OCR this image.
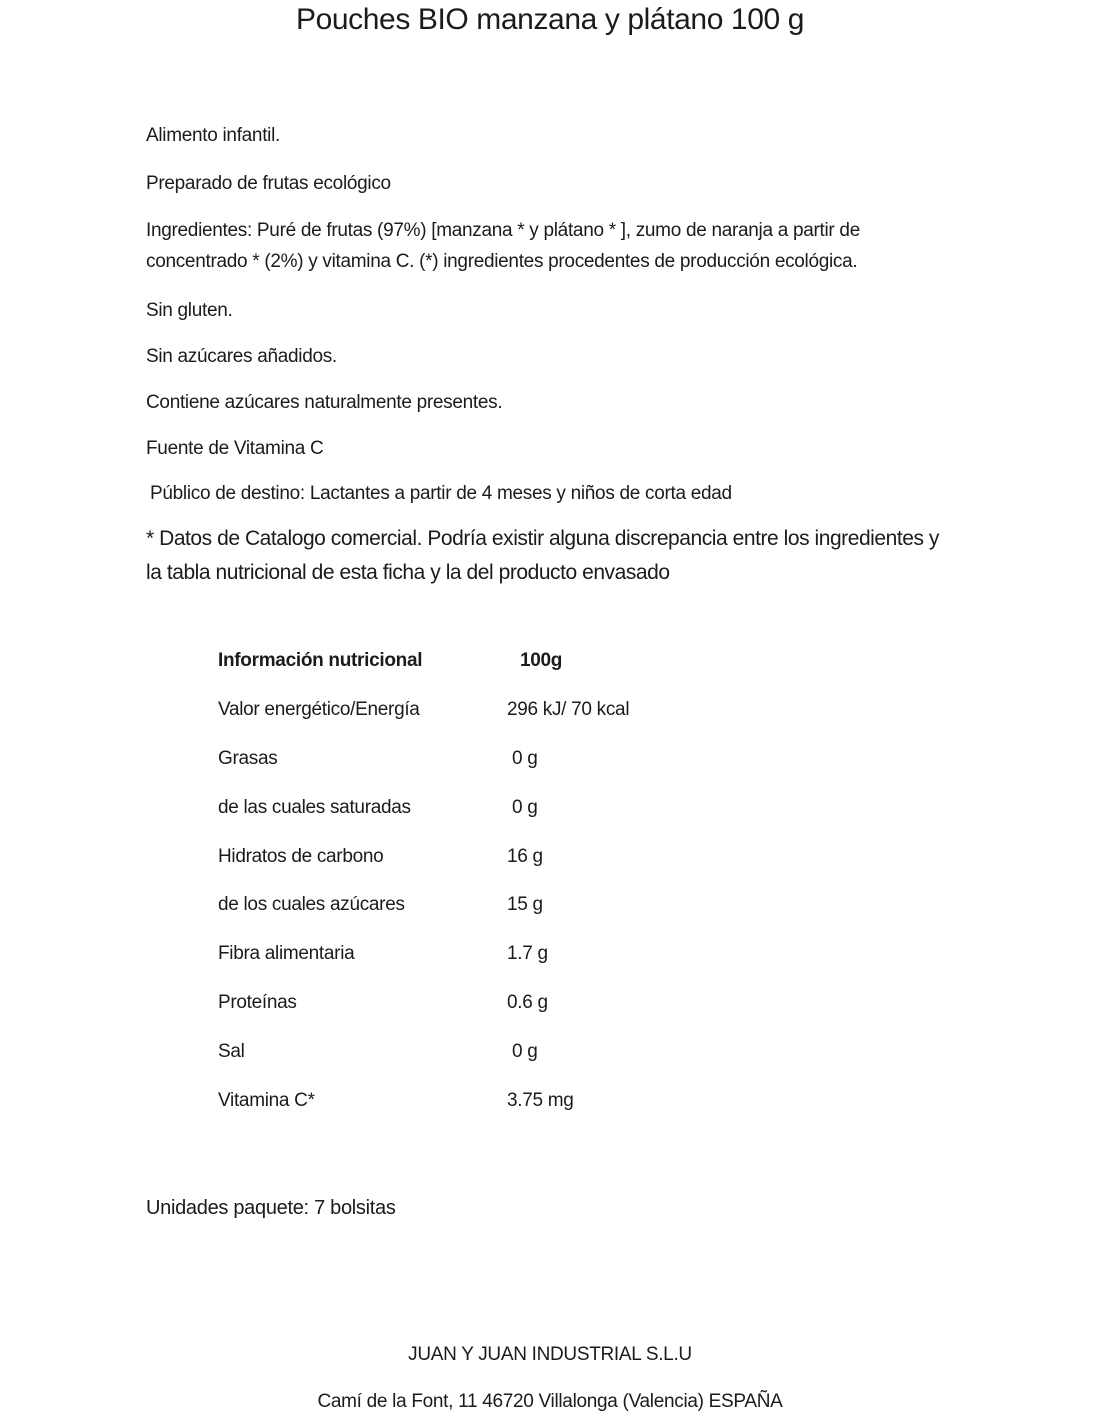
Pouches BIO manzana y plátano 100 g

Alimento infantil.

Preparado de frutas ecológico

Ingredientes: Puré de frutas (97%) [manzana * y plátano * ], zumo de naranja a partir de concentrado * (2%) y vitamina C. (*) ingredientes procedentes de producción ecológica.

Sin gluten.

Sin azúcares añadidos.

Contiene azúcares naturalmente presentes.

Fuente de Vitamina C

Público de destino: Lactantes a partir de 4 meses y niños de corta edad

* Datos de Catalogo comercial. Podría existir alguna discrepancia entre los ingredientes y la tabla nutricional de esta ficha y la del producto envasado

Información nutricional	100g
Valor energético/Energía	296 kJ/ 70 kcal
Grasas	0 g
de las cuales saturadas	0 g
Hidratos de carbono	16 g
de los cuales azúcares	15 g
Fibra alimentaria	1.7 g
Proteínas	0.6 g
Sal	0 g
Vitamina C*	3.75 mg

Unidades paquete: 7 bolsitas

JUAN Y JUAN INDUSTRIAL S.L.U

Camí de la Font, 11 46720 Villalonga (Valencia) ESPAÑA
